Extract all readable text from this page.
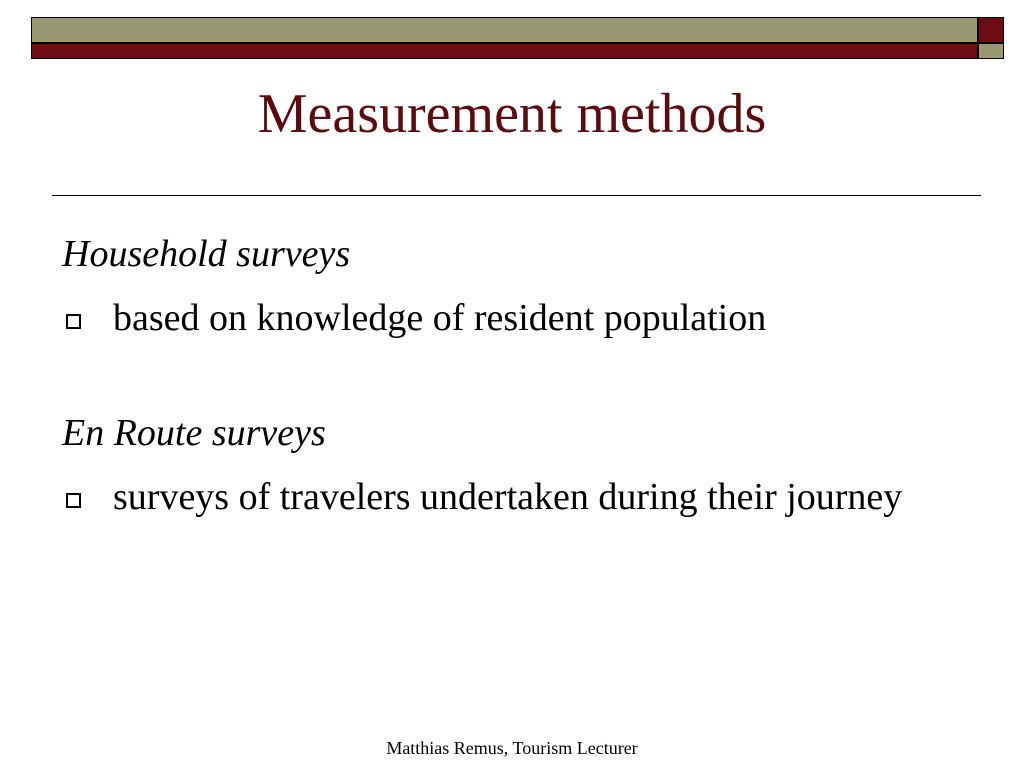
Measurement methods
Household surveys
based on knowledge of resident population
En Route surveys
surveys of travelers undertaken during their journey
Matthias Remus, Tourism Lecturer
